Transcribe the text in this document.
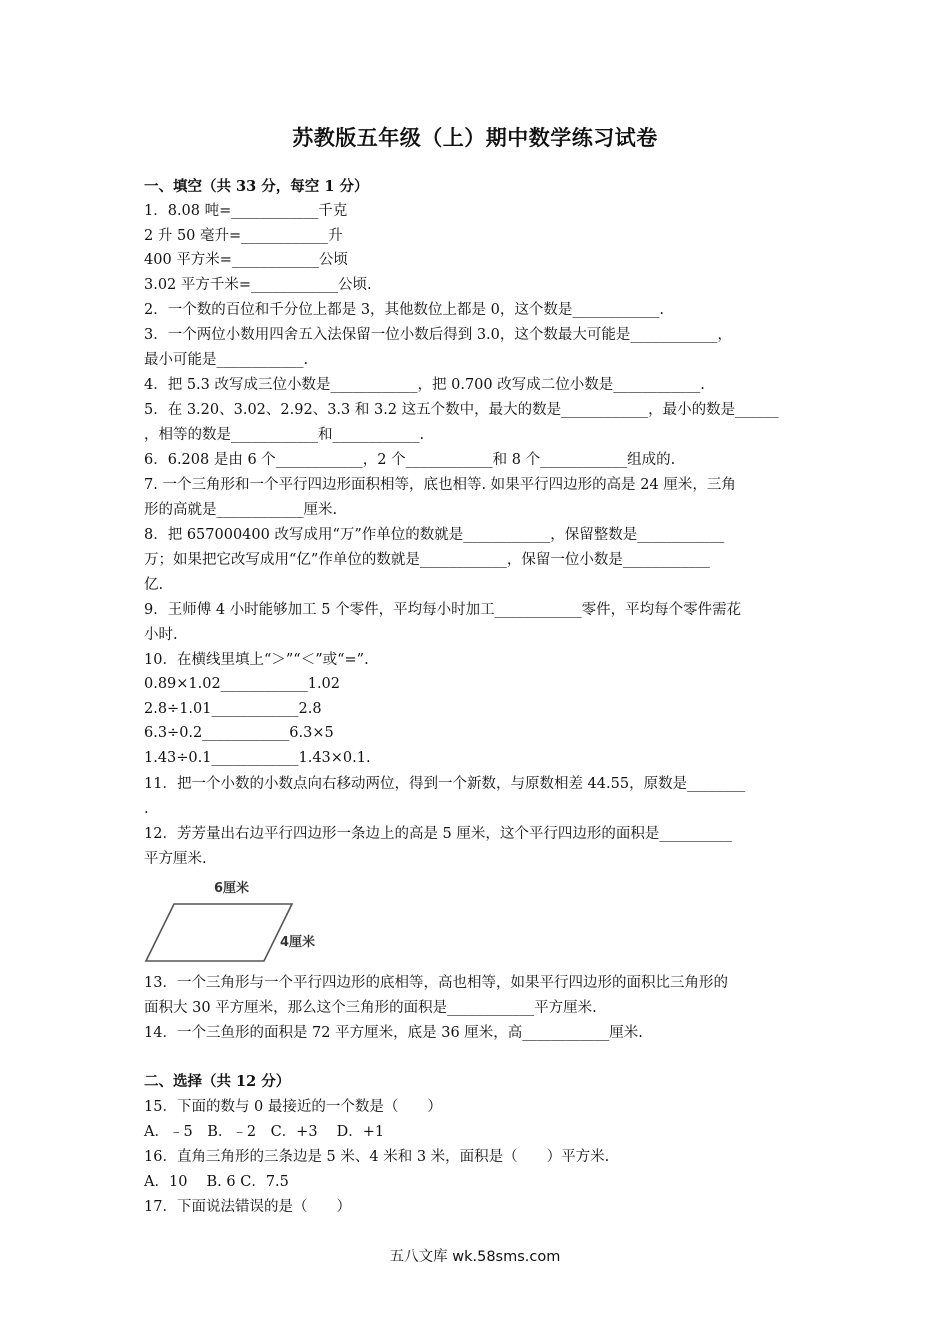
苏教版五年级（上）期中数学练习试卷
一、填空（共 33 分，每空 1 分）
1．8.08 吨=____________千克
2 升 50 毫升=____________升
400 平方米=____________公顷
3.02 平方千米=____________公顷.
2．一个数的百位和千分位上都是 3，其他数位上都是 0，这个数是____________.
3．一个两位小数用四舍五入法保留一位小数后得到 3.0，这个数最大可能是____________，
最小可能是____________.
4．把 5.3 改写成三位小数是____________，把 0.700 改写成二位小数是____________.
5．在 3.20、3.02、2.92、3.3 和 3.2 这五个数中，最大的数是____________，最小的数是______
，相等的数是____________和____________.
6．6.208 是由 6 个____________，2 个____________和 8 个____________组成的.
7. 一个三角形和一个平行四边形面积相等，底也相等. 如果平行四边形的高是 24 厘米，三角
形的高就是____________厘米.
8．把 657000400 改写成用“万”作单位的数就是____________，保留整数是____________
万；如果把它改写成用“亿”作单位的数就是____________，保留一位小数是____________
亿.
9．王师傅 4 小时能够加工 5 个零件，平均每小时加工____________零件，平均每个零件需花
小时.
10．在横线里填上“＞”“＜”或“=”.
0.89×1.02____________1.02
2.8÷1.01____________2.8
6.3÷0.2____________6.3×5
1.43÷0.1____________1.43×0.1.
11．把一个小数的小数点向右移动两位，得到一个新数，与原数相差 44.55，原数是________
.
12．芳芳量出右边平行四边形一条边上的高是 5 厘米，这个平行四边形的面积是__________
平方厘米.
6厘米
4厘米
13．一个三角形与一个平行四边形的底相等，高也相等，如果平行四边形的面积比三角形的
面积大 30 平方厘米，那么这个三角形的面积是____________平方厘米.
14．一个三鱼形的面积是 72 平方厘米，底是 36 厘米，高____________厘米.
二、选择（共 12 分）
15．下面的数与 0 最接近的一个数是（　　）
A．﹣5　B．﹣2　C．+3　 D．+1
16．直角三角形的三条边是 5 米、4 米和 3 米，面积是（　　）平方米.
A．10　 B. 6 C．7.5
17．下面说法错误的是（　　）
五八文库 wk.58sms.com
